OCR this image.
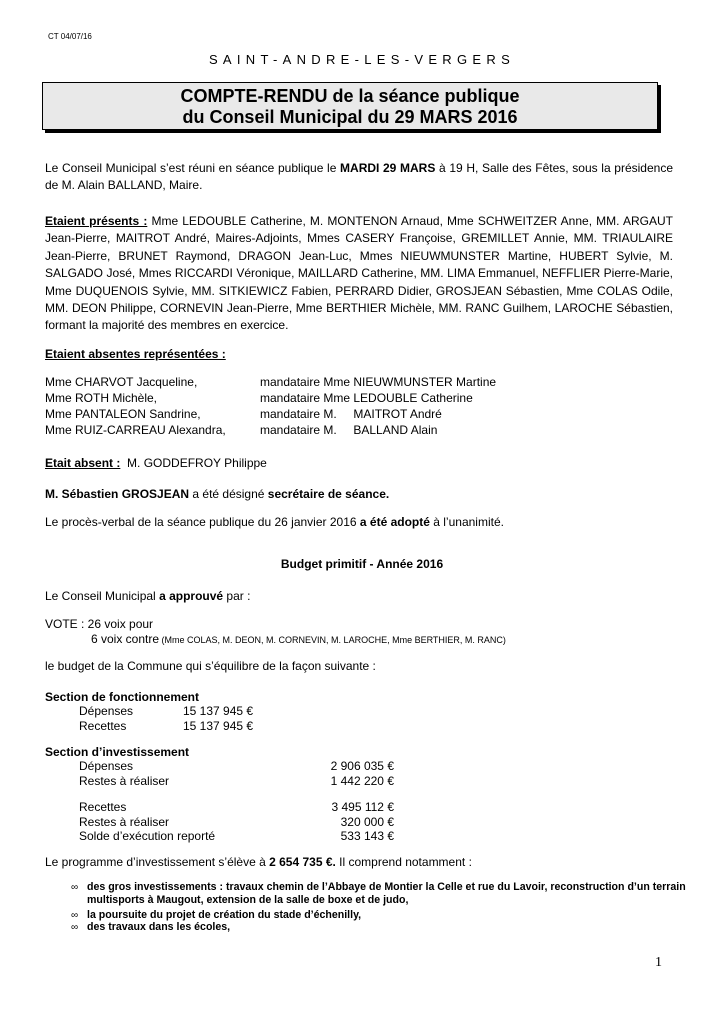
CT 04/07/16
SAINT-ANDRE-LES-VERGERS
COMPTE-RENDU de la séance publique
du Conseil Municipal du 29 MARS 2016
Le Conseil Municipal s’est réuni en séance publique le MARDI 29 MARS à 19 H, Salle des Fêtes, sous la présidence de M. Alain BALLAND, Maire.
Etaient présents : Mme LEDOUBLE Catherine, M. MONTENON Arnaud, Mme SCHWEITZER Anne, MM. ARGAUT Jean-Pierre, MAITROT André, Maires-Adjoints, Mmes CASERY Françoise, GREMILLET Annie, MM. TRIAULAIRE Jean-Pierre, BRUNET Raymond, DRAGON Jean-Luc, Mmes NIEUWMUNSTER Martine, HUBERT Sylvie, M. SALGADO José, Mmes RICCARDI Véronique, MAILLARD Catherine, MM. LIMA Emmanuel, NEFFLIER Pierre-Marie, Mme DUQUENOIS Sylvie, MM. SITKIEWICZ Fabien, PERRARD Didier, GROSJEAN Sébastien, Mme COLAS Odile, MM. DEON Philippe, CORNEVIN Jean-Pierre, Mme BERTHIER Michèle, MM. RANC Guilhem, LAROCHE Sébastien, formant la majorité des membres en exercice.
Etaient absentes représentées :
Mme CHARVOT Jacqueline,	mandataire Mme NIEUWMUNSTER Martine
Mme ROTH Michèle,	mandataire Mme LEDOUBLE Catherine
Mme PANTALEON Sandrine,	mandataire M.     MAITROT André
Mme RUIZ-CARREAU Alexandra,	mandataire M.     BALLAND Alain
Etait absent :  M. GODDEFROY Philippe
M. Sébastien GROSJEAN a été désigné secrétaire de séance.
Le procès-verbal de la séance publique du 26 janvier 2016 a été adopté à l’unanimité.
Budget primitif - Année 2016
Le Conseil Municipal a approuvé par :
VOTE : 26 voix pour
6 voix contre (Mme COLAS, M. DEON, M. CORNEVIN, M. LAROCHE, Mme BERTHIER, M. RANC)
le budget de la Commune qui s’équilibre de la façon suivante :
Section de fonctionnement
Dépenses	15 137 945 €
Recettes	15 137 945 €
Section d’investissement
Dépenses	2 906 035 €
Restes à réaliser	1 442 220 €
Recettes	3 495 112 €
Restes à réaliser	320 000 €
Solde d’exécution reporté	533 143 €
Le programme d’investissement s’élève à 2 654 735 €. Il comprend notamment :
∞ des gros investissements : travaux chemin de l’Abbaye de Montier la Celle et rue du Lavoir, reconstruction d’un terrain multisports à Maugout, extension de la salle de boxe et de judo,
∞ la poursuite du projet de création du stade d’échenilly,
∞ des travaux dans les écoles,
1
